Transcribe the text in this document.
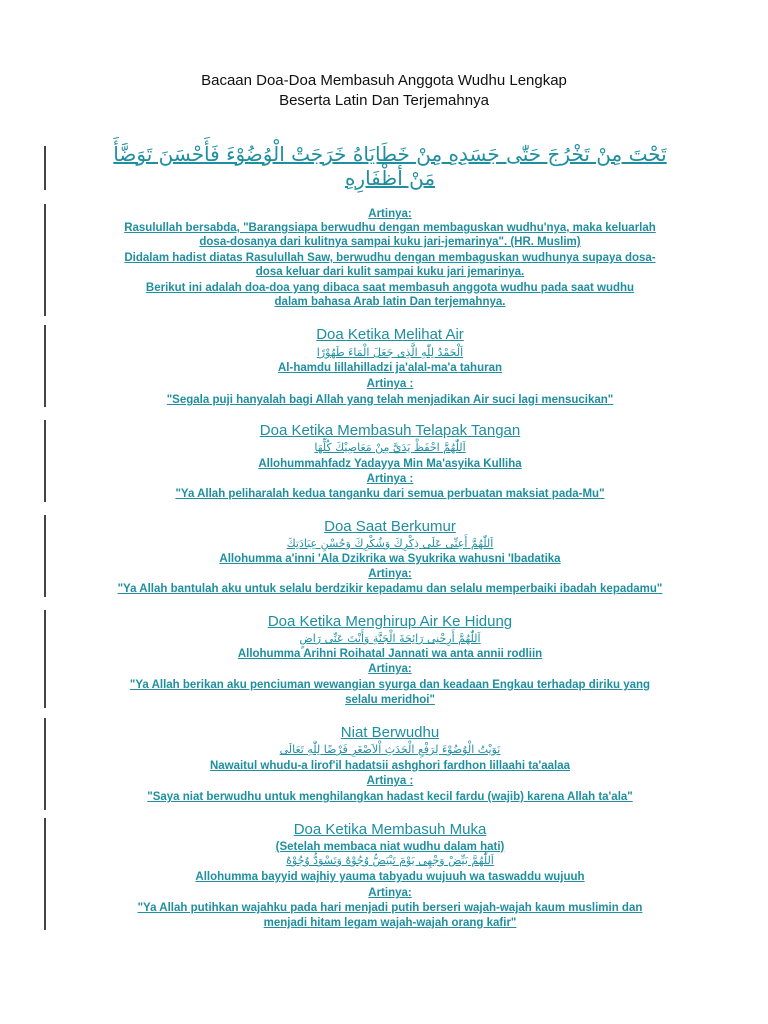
Bacaan Doa-Doa Membasuh Anggota Wudhu Lengkap
Beserta Latin Dan Terjemahnya
تَحْتَ مِنْ تَخْرُجَ حَتّٰى جَسَدِهِ مِنْ خَطَايَاهُ خَرَجَتْ الْوُضُوْءَ فَأَحْسَنَ تَوَضَّأَ مَنْ أَظْفَارِهِ
Artinya:
Rasulullah bersabda, "Barangsiapa berwudhu dengan membaguskan wudhu'nya, maka keluarlah
dosa-dosanya dari kulitnya sampai kuku jari-jemarinya". (HR. Muslim)
Didalam hadist diatas Rasulullah Saw, berwudhu dengan membaguskan wudhunya supaya dosa-
dosa keluar dari kulit sampai kuku jari jemarinya.
Berikut ini adalah doa-doa yang dibaca saat membasuh anggota wudhu pada saat wudhu
dalam bahasa Arab latin Dan terjemahnya.
Doa Ketika Melihat Air
اَلْحَمْدُ لِلّٰهِ الَّذِى جَعَلَ الْمَاءَ طَهُوْرًا
Al-hamdu lillahilladzi ja'alal-ma'a tahuran
Artinya :
"Segala puji hanyalah bagi Allah yang telah menjadikan Air suci lagi mensucikan"
Doa Ketika Membasuh Telapak Tangan
اَللّٰهُمَّ احْفَظْ يَدَيَّ مِنْ مَعَاصِيْكَ كُلِّهَا
Allohummahfadz Yadayya Min Ma'asyika Kulliha
Artinya :
"Ya Allah peliharalah kedua tanganku dari semua perbuatan maksiat pada-Mu"
Doa Saat Berkumur
اَللّٰهُمَّ أَعِنِّى عَلَى ذِكْرِكَ وَشُكْرِكَ وَحُسْنِ عِبَادَتِكَ
Allohumma a'inni 'Ala Dzikrika wa Syukrika wahusni 'Ibadatika
Artinya:
"Ya Allah bantulah aku untuk selalu berdzikir kepadamu dan selalu memperbaiki ibadah kepadamu"
Doa Ketika Menghirup Air Ke Hidung
اَللّٰهُمَّ أَرِحْنِى رَائِحَةَ الْجَنَّةِ وَأَنْتَ عَنِّى رَاضٍ
Allohumma Arihni Roihatal Jannati wa anta annii rodliin
Artinya:
"Ya Allah berikan aku penciuman wewangian syurga dan keadaan Engkau terhadap diriku yang
selalu meridhoi"
Niat Berwudhu
نَوَيْتُ الْوُضُوْءَ لِرَفْعِ الْحَدَثِ اْلاَصْغَرِ فَرْضًا لِلّٰهِ تَعَالَى
Nawaitul whudu-a lirof'il hadatsii ashghori fardhon lillaahi ta'aalaa
Artinya :
"Saya niat berwudhu untuk menghilangkan hadast kecil fardu (wajib) karena Allah ta'ala"
Doa Ketika Membasuh Muka
(Setelah membaca niat wudhu dalam hati)
اَللّٰهُمَّ بَيِّضْ وَجْهِى يَوْمَ تَبْيَضُّ وُجُوْهٌ وَتَسْوَدُّ وُجُوْهٌ
Allohumma bayyid wajhiy yauma tabyadu wujuuh wa taswaddu wujuuh
Artinya:
"Ya Allah putihkan wajahku pada hari menjadi putih berseri wajah-wajah kaum muslimin dan
menjadi hitam legam wajah-wajah orang kafir"
